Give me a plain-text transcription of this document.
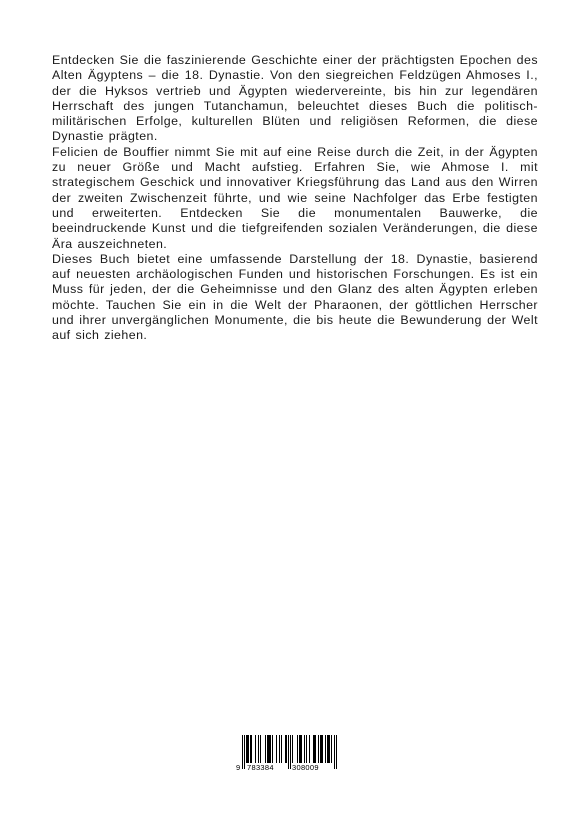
Entdecken Sie die faszinierende Geschichte einer der prächtigsten Epochen des Alten Ägyptens – die 18. Dynastie. Von den siegreichen Feldzügen Ahmoses I., der die Hyksos vertrieb und Ägypten wiedervereinte, bis hin zur legendären Herrschaft des jungen Tutanchamun, beleuchtet dieses Buch die politisch-militärischen Erfolge, kulturellen Blüten und religiösen Reformen, die diese Dynastie prägten.

Felicien de Bouffier nimmt Sie mit auf eine Reise durch die Zeit, in der Ägypten zu neuer Größe und Macht aufstieg. Erfahren Sie, wie Ahmose I. mit strategischem Geschick und innovativer Kriegsführung das Land aus den Wirren der zweiten Zwischenzeit führte, und wie seine Nachfolger das Erbe festigten und erweiterten. Entdecken Sie die monumentalen Bauwerke, die beeindruckende Kunst und die tiefgreifenden sozialen Veränderungen, die diese Ära auszeichneten.

Dieses Buch bietet eine umfassende Darstellung der 18. Dynastie, basierend auf neuesten archäologischen Funden und historischen Forschungen. Es ist ein Muss für jeden, der die Geheimnisse und den Glanz des alten Ägypten erleben möchte. Tauchen Sie ein in die Welt der Pharaonen, der göttlichen Herrscher und ihrer unvergänglichen Monumente, die bis heute die Bewunderung der Welt auf sich ziehen.

9 783384 308009
